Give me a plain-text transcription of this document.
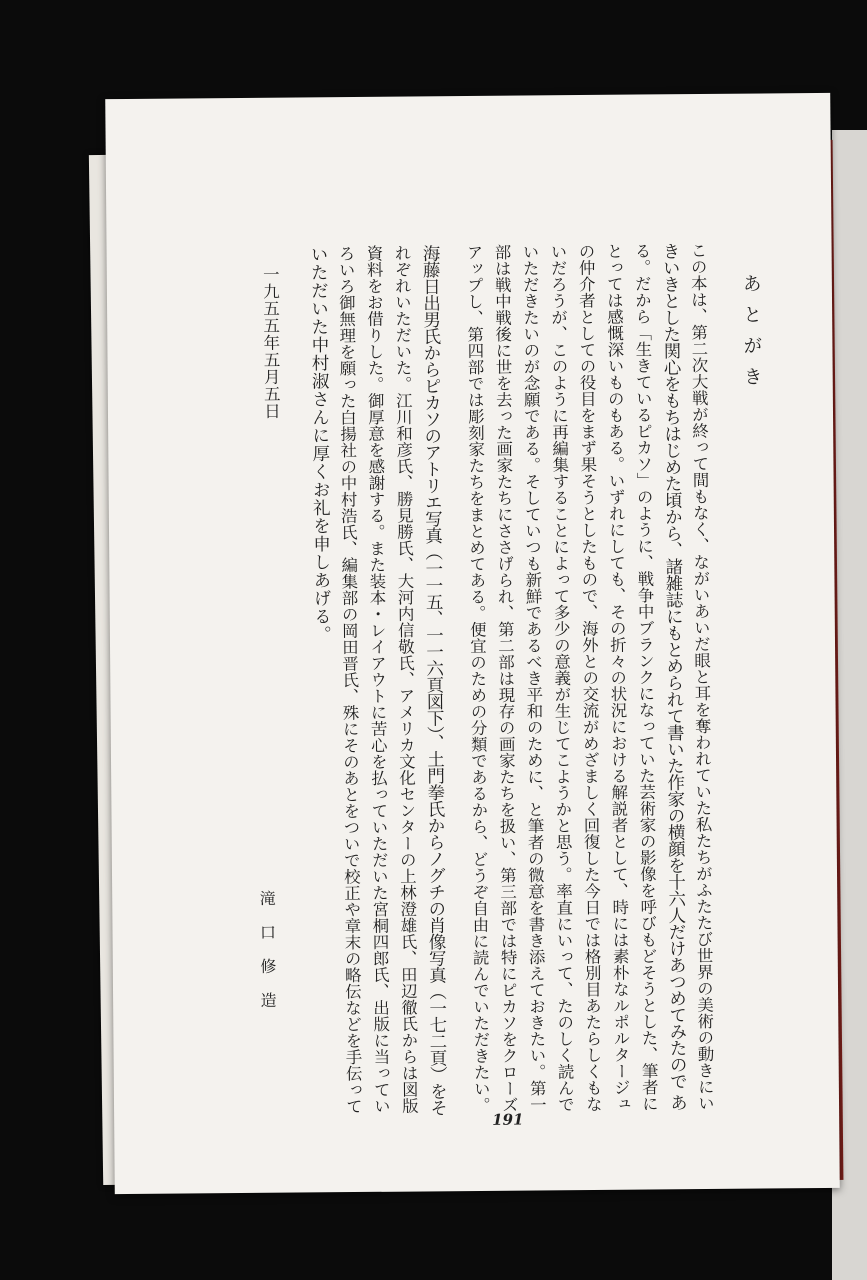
あとがき
この本は、第二次大戦が終って間もなく、ながいあいだ眼と耳を奪われていた私たちがふたたび世界の美術の動きにい
きいきとした関心をもちはじめた頃から、諸雑誌にもとめられて書いた作家の横顔を十六人だけあつめてみたので あ
る。だから「生きているピカソ」のように、戦争中ブランクになっていた芸術家の影像を呼びもどそうとした、筆者に
とっては感慨深いものもある。いずれにしても、その折々の状況における解説者として、時には素朴なルポルタージュ
の仲介者としての役目をまず果そうとしたもので、海外との交流がめざましく回復した今日では格別目あたらしくもな
いだろうが、このように再編集することによって多少の意義が生じてこようかと思う。率直にいって、たのしく読んで
いただきたいのが念願である。そしていつも新鮮であるべき平和のために、と筆者の微意を書き添えておきたい。第一
部は戦中戦後に世を去った画家たちにささげられ、第二部は現存の画家たちを扱い、第三部では特にピカソをクローズ
アップし、第四部では彫刻家たちをまとめてある。便宜のための分類であるから、どうぞ自由に読んでいただきたい。
海藤日出男氏からピカソのアトリエ写真（一一五、一一六頁図下）、土門拳氏からノグチの肖像写真（一七二頁）をそ
れぞれいただいた。江川和彦氏、勝見勝氏、大河内信敬氏、アメリカ文化センターの上林澄雄氏、田辺徹氏からは図版
資料をお借りした。御厚意を感謝する。また装本・レイアウトに苦心を払っていただいた宮桐四郎氏、出版に当ってい
ろいろ御無理を願った白揚社の中村浩氏、編集部の岡田晋氏、殊にそのあとをついで校正や章末の略伝などを手伝って
いただいた中村淑さんに厚くお礼を申しあげる。
一九五五年五月五日
滝口修造
191
